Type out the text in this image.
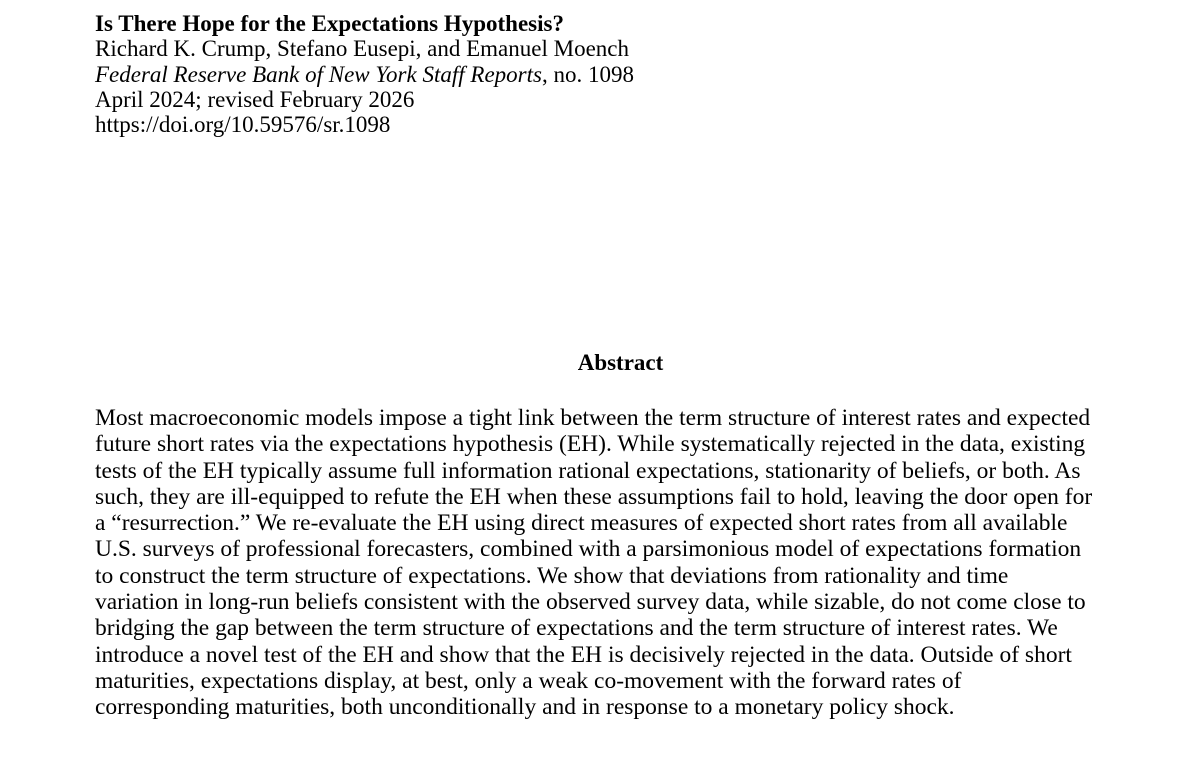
Is There Hope for the Expectations Hypothesis?
Richard K. Crump, Stefano Eusepi, and Emanuel Moench
Federal Reserve Bank of New York Staff Reports, no. 1098
April 2024; revised February 2026
https://doi.org/10.59576/sr.1098
Abstract
Most macroeconomic models impose a tight link between the term structure of interest rates and expected
future short rates via the expectations hypothesis (EH). While systematically rejected in the data, existing
tests of the EH typically assume full information rational expectations, stationarity of beliefs, or both. As
such, they are ill-equipped to refute the EH when these assumptions fail to hold, leaving the door open for
a “resurrection.” We re-evaluate the EH using direct measures of expected short rates from all available
U.S. surveys of professional forecasters, combined with a parsimonious model of expectations formation
to construct the term structure of expectations. We show that deviations from rationality and time
variation in long-run beliefs consistent with the observed survey data, while sizable, do not come close to
bridging the gap between the term structure of expectations and the term structure of interest rates. We
introduce a novel test of the EH and show that the EH is decisively rejected in the data. Outside of short
maturities, expectations display, at best, only a weak co-movement with the forward rates of
corresponding maturities, both unconditionally and in response to a monetary policy shock.
